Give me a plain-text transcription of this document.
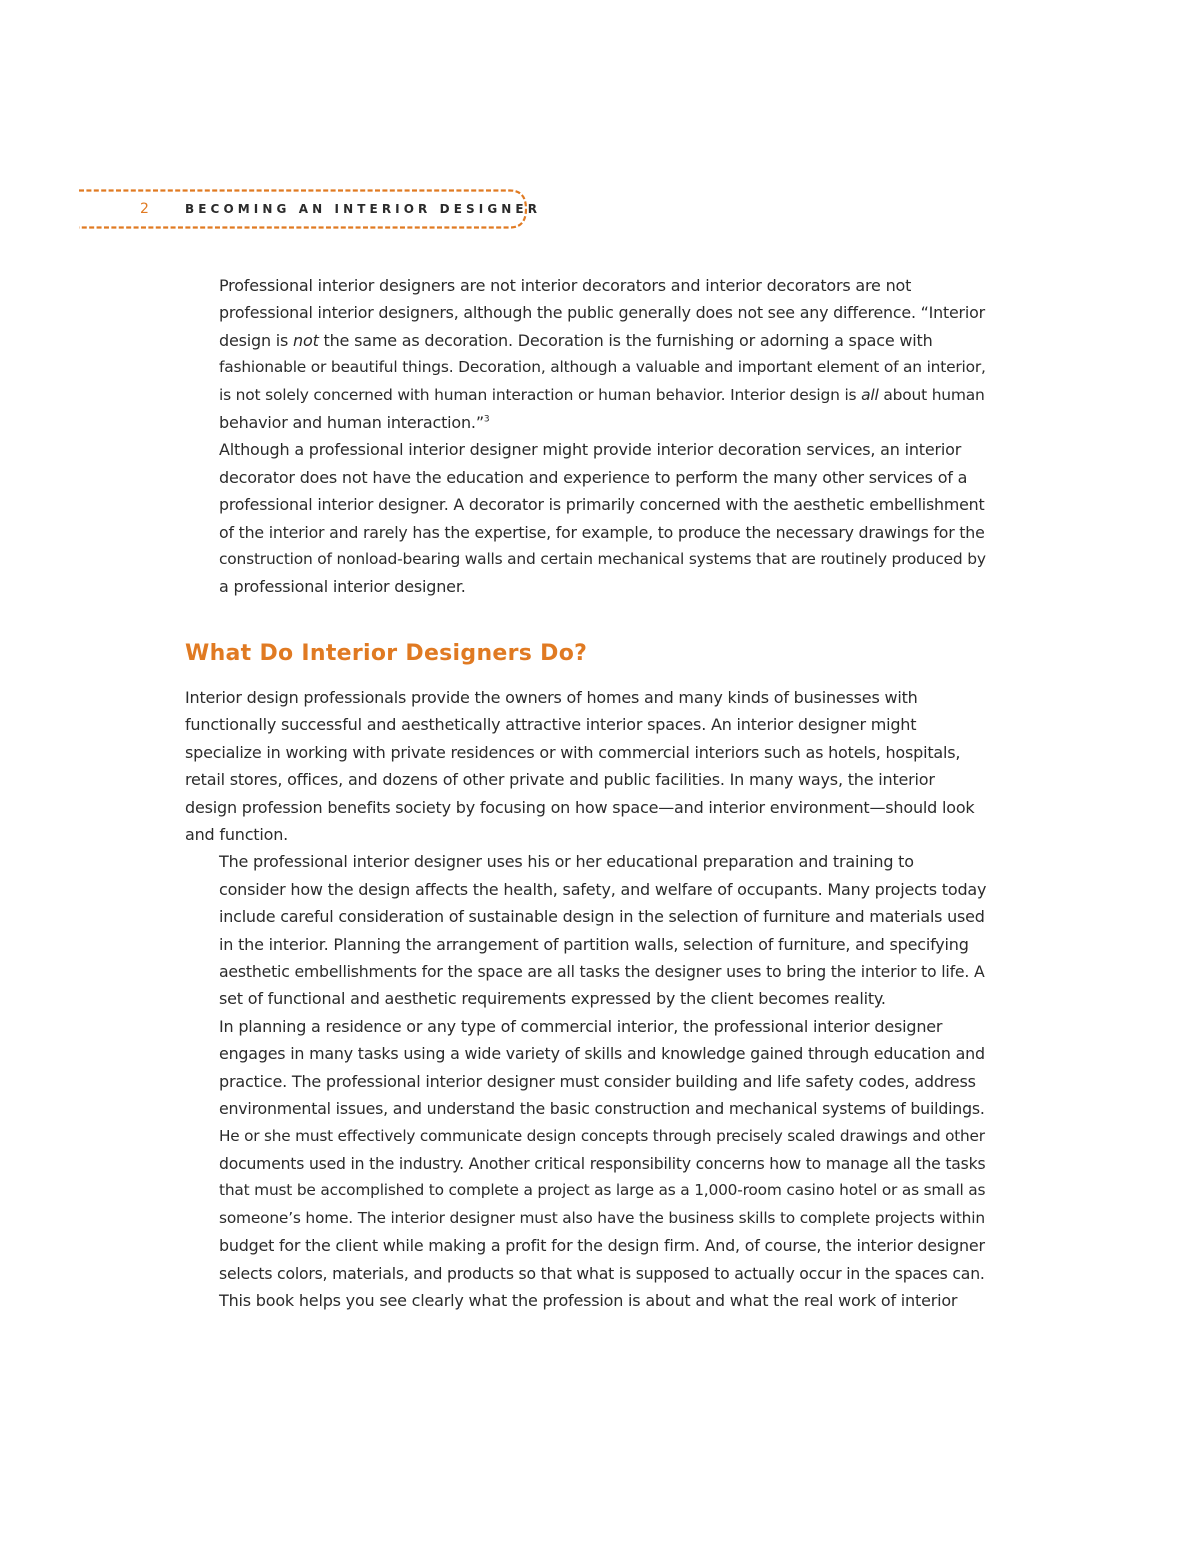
2	BECOMING AN INTERIOR DESIGNER

Professional interior designers are not interior decorators and interior decorators are not
professional interior designers, although the public generally does not see any difference. “Interior
design is not the same as decoration. Decoration is the furnishing or adorning a space with
fashionable or beautiful things. Decoration, although a valuable and important element of an interior,
is not solely concerned with human interaction or human behavior. Interior design is all about human
behavior and human interaction.”$^3$

Although a professional interior designer might provide interior decoration services, an interior
decorator does not have the education and experience to perform the many other services of a
professional interior designer. A decorator is primarily concerned with the aesthetic embellishment
of the interior and rarely has the expertise, for example, to produce the necessary drawings for the
construction of nonload-bearing walls and certain mechanical systems that are routinely produced by
a professional interior designer.

What Do Interior Designers Do?

Interior design professionals provide the owners of homes and many kinds of businesses with
functionally successful and aesthetically attractive interior spaces. An interior designer might
specialize in working with private residences or with commercial interiors such as hotels, hospitals,
retail stores, offices, and dozens of other private and public facilities. In many ways, the interior
design profession benefits society by focusing on how space—and interior environment—should look
and function.

The professional interior designer uses his or her educational preparation and training to
consider how the design affects the health, safety, and welfare of occupants. Many projects today
include careful consideration of sustainable design in the selection of furniture and materials used
in the interior. Planning the arrangement of partition walls, selection of furniture, and specifying
aesthetic embellishments for the space are all tasks the designer uses to bring the interior to life. A
set of functional and aesthetic requirements expressed by the client becomes reality.

In planning a residence or any type of commercial interior, the professional interior designer
engages in many tasks using a wide variety of skills and knowledge gained through education and
practice. The professional interior designer must consider building and life safety codes, address
environmental issues, and understand the basic construction and mechanical systems of buildings.
He or she must effectively communicate design concepts through precisely scaled drawings and other
documents used in the industry. Another critical responsibility concerns how to manage all the tasks
that must be accomplished to complete a project as large as a 1,000-room casino hotel or as small as
someone’s home. The interior designer must also have the business skills to complete projects within
budget for the client while making a profit for the design firm. And, of course, the interior designer
selects colors, materials, and products so that what is supposed to actually occur in the spaces can.

This book helps you see clearly what the profession is about and what the real work of interior
